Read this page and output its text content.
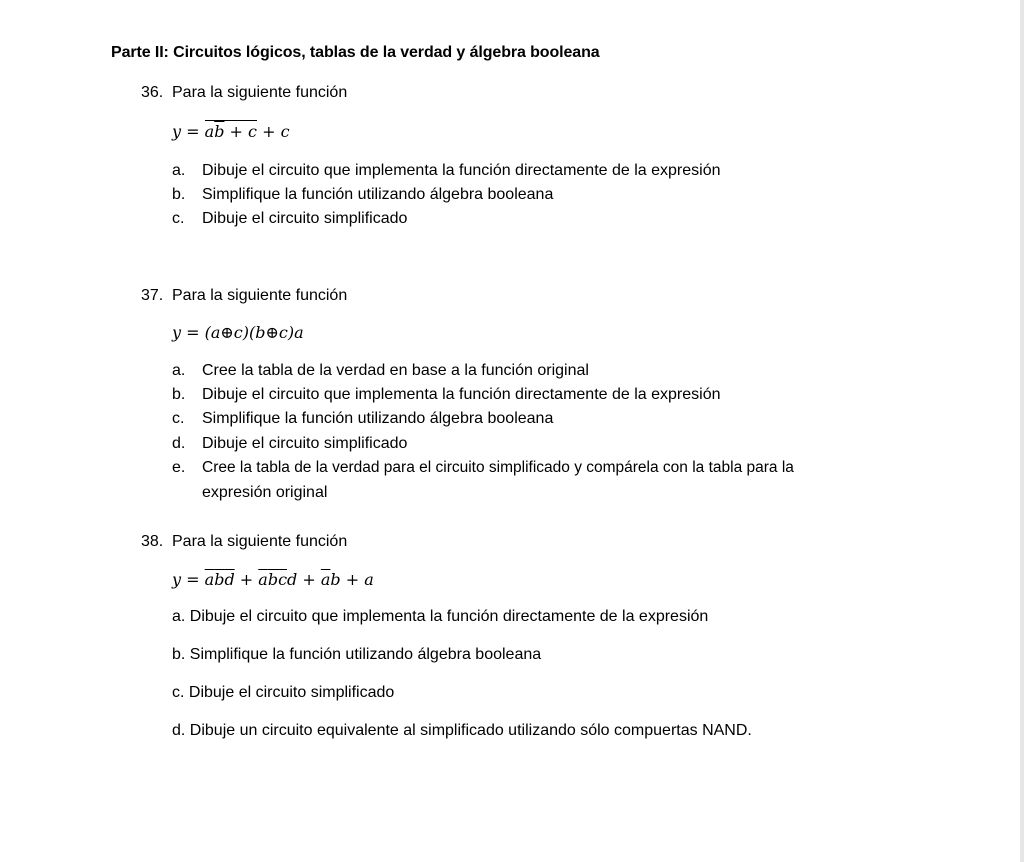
Parte II: Circuitos lógicos, tablas de la verdad y álgebra booleana
36. Para la siguiente función
$y = a\overline{b} + c + c$
a. Dibuje el circuito que implementa la función directamente de la expresión
b. Simplifique la función utilizando álgebra booleana
c. Dibuje el circuito simplificado
37. Para la siguiente función
y = (a⊕c)(b⊕c)a
a. Cree la tabla de la verdad en base a la función original
b. Dibuje el circuito que implementa la función directamente de la expresión
c. Simplifique la función utilizando álgebra booleana
d. Dibuje el circuito simplificado
e. Cree la tabla de la verdad para el circuito simplificado y compárela con la tabla para la
expresión original
38. Para la siguiente función
$y = \overline{a}\overline{b}\overline{d} + \overline{a}\overline{b}\overline{c}d + \overline{a}b + a$
a. Dibuje el circuito que implementa la función directamente de la expresión
b. Simplifique la función utilizando álgebra booleana
c. Dibuje el circuito simplificado
d. Dibuje un circuito equivalente al simplificado utilizando sólo compuertas NAND.
